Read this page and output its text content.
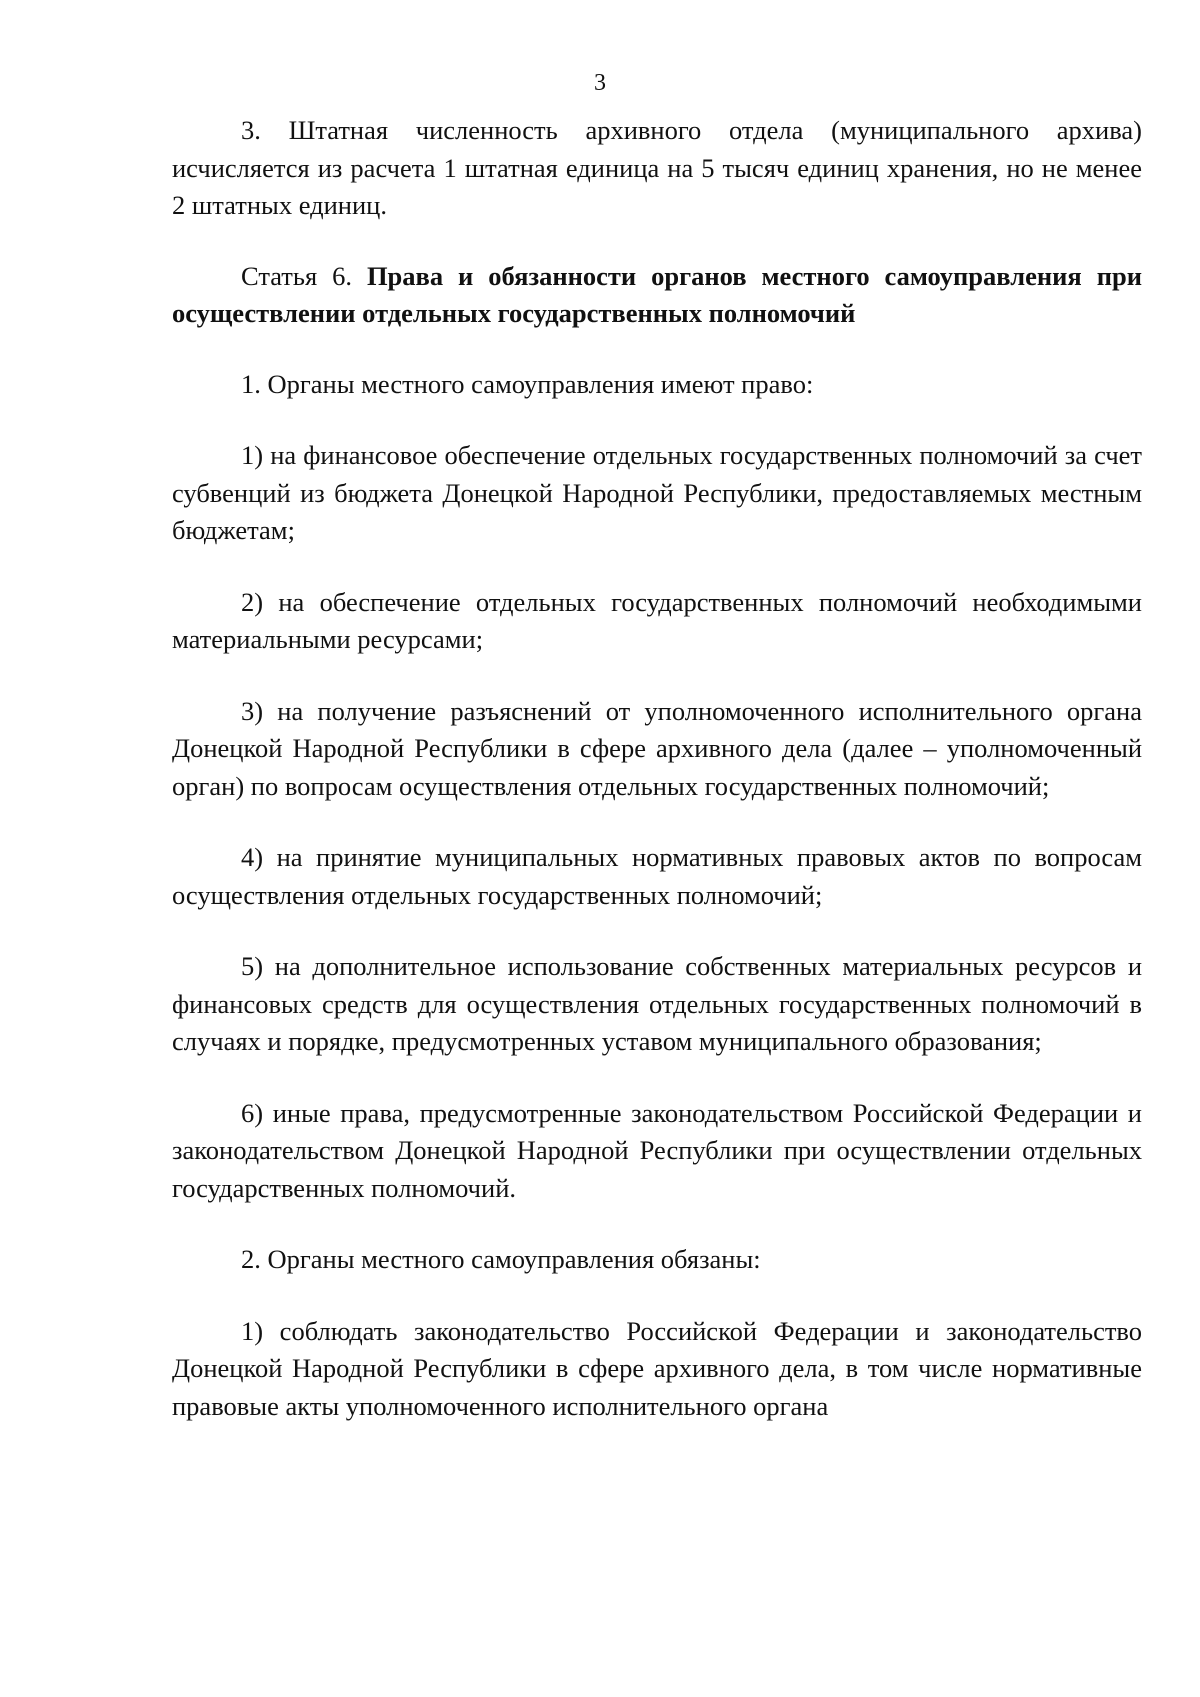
3

3. Штатная численность архивного отдела (муниципального архива) исчисляется из расчета 1 штатная единица на 5 тысяч единиц хранения, но не менее 2 штатных единиц.

Статья 6. Права и обязанности органов местного самоуправления при осуществлении отдельных государственных полномочий

1. Органы местного самоуправления имеют право:

1) на финансовое обеспечение отдельных государственных полномочий за счет субвенций из бюджета Донецкой Народной Республики, предоставляемых местным бюджетам;

2) на обеспечение отдельных государственных полномочий необходимыми материальными ресурсами;

3) на получение разъяснений от уполномоченного исполнительного органа Донецкой Народной Республики в сфере архивного дела (далее – уполномоченный орган) по вопросам осуществления отдельных государственных полномочий;

4) на принятие муниципальных нормативных правовых актов по вопросам осуществления отдельных государственных полномочий;

5) на дополнительное использование собственных материальных ресурсов и финансовых средств для осуществления отдельных государственных полномочий в случаях и порядке, предусмотренных уставом муниципального образования;

6) иные права, предусмотренные законодательством Российской Федерации и законодательством Донецкой Народной Республики при осуществлении отдельных государственных полномочий.

2. Органы местного самоуправления обязаны:

1) соблюдать законодательство Российской Федерации и законодательство Донецкой Народной Республики в сфере архивного дела, в том числе нормативные правовые акты уполномоченного исполнительного органа
